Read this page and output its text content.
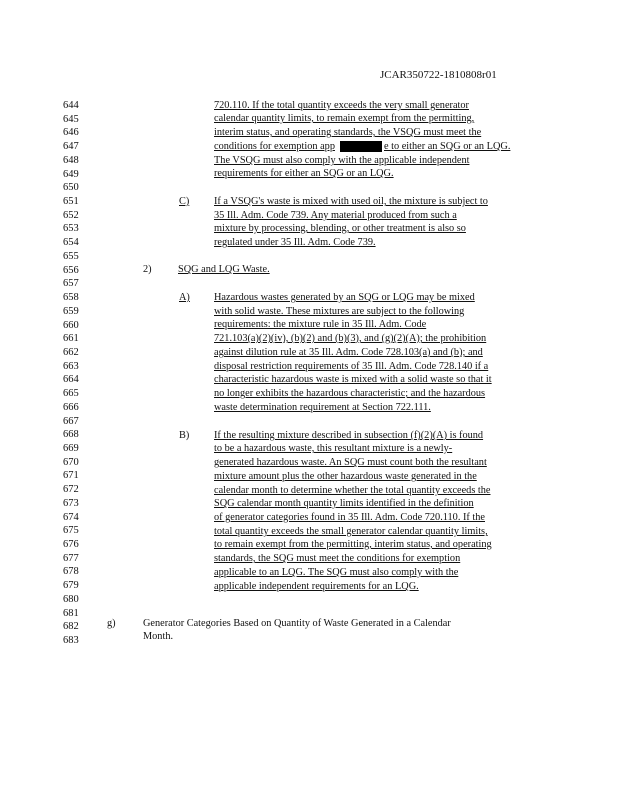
JCAR350722-1810808r01
644
645
646
647
648
649
650
651
652
653
654
655
656
657
658
659
660
661
662
663
664
665
666
667
668
669
670
671
672
673
674
675
676
677
678
679
680
681
682
683
720.110. If the total quantity exceeds the very small generator
calendar quantity limits, to remain exempt from the permitting,
interim status, and operating standards, the VSQG must meet the
conditions for exemption app	e to either an SQG or an LQG.
The VSQG must also comply with the applicable independent
requirements for either an SQG or an LQG.
C) If a VSQG's waste is mixed with used oil, the mixture is subject to
35 Ill. Adm. Code 739. Any material produced from such a
mixture by processing, blending, or other treatment is also so
regulated under 35 Ill. Adm. Code 739.
2)	SQG and LQG Waste.
A) Hazardous wastes generated by an SQG or LQG may be mixed
with solid waste. These mixtures are subject to the following
requirements: the mixture rule in 35 Ill. Adm. Code
721.103(a)(2)(iv), (b)(2) and (b)(3), and (g)(2)(A); the prohibition
against dilution rule at 35 Ill. Adm. Code 728.103(a) and (b); and
disposal restriction requirements of 35 Ill. Adm. Code 728.140 if a
characteristic hazardous waste is mixed with a solid waste so that it
no longer exhibits the hazardous characteristic; and the hazardous
waste determination requirement at Section 722.111.
B) If the resulting mixture described in subsection (f)(2)(A) is found
to be a hazardous waste, this resultant mixture is a newly-
generated hazardous waste. An SQG must count both the resultant
mixture amount plus the other hazardous waste generated in the
calendar month to determine whether the total quantity exceeds the
SQG calendar month quantity limits identified in the definition
of generator categories found in 35 Ill. Adm. Code 720.110. If the
total quantity exceeds the small generator calendar quantity limits,
to remain exempt from the permitting, interim status, and operating
standards, the SQG must meet the conditions for exemption
applicable to an LQG. The SQG must also comply with the
applicable independent requirements for an LQG.
g)	Generator Categories Based on Quantity of Waste Generated in a Calendar
Month.
